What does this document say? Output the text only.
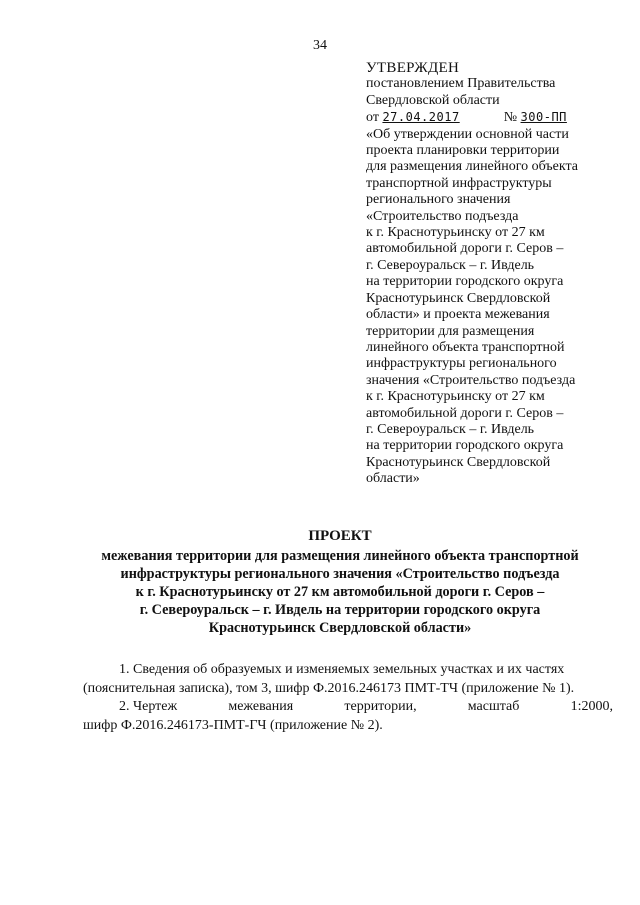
34
УТВЕРЖДЕН
постановлением Правительства
Свердловской области
от 27.04.2017	№ 300-ПП
«Об утверждении основной части
проекта планировки территории
для размещения линейного объекта
транспортной инфраструктуры
регионального значения
«Строительство подъезда
к г. Краснотурьинску от 27 км
автомобильной дороги г. Серов –
г. Североуральск – г. Ивдель
на территории городского округа
Краснотурьинск Свердловской
области» и проекта межевания
территории для размещения
линейного объекта транспортной
инфраструктуры регионального
значения «Строительство подъезда
к г. Краснотурьинску от 27 км
автомобильной дороги г. Серов –
г. Североуральск – г. Ивдель
на территории городского округа
Краснотурьинск Свердловской
области»
ПРОЕКТ
межевания территории для размещения линейного объекта транспортной
инфраструктуры регионального значения «Строительство подъезда
к г. Краснотурьинску от 27 км автомобильной дороги г. Серов –
г. Североуральск – г. Ивдель на территории городского округа
Краснотурьинск Свердловской области»
1. Сведения об образуемых и изменяемых земельных участках и их частях
(пояснительная записка), том 3, шифр Ф.2016.246173 ПМТ-ТЧ (приложение № 1).
2. Чертеж	межевания	территории,	масштаб	1:2000,
шифр Ф.2016.246173-ПМТ-ГЧ (приложение № 2).
